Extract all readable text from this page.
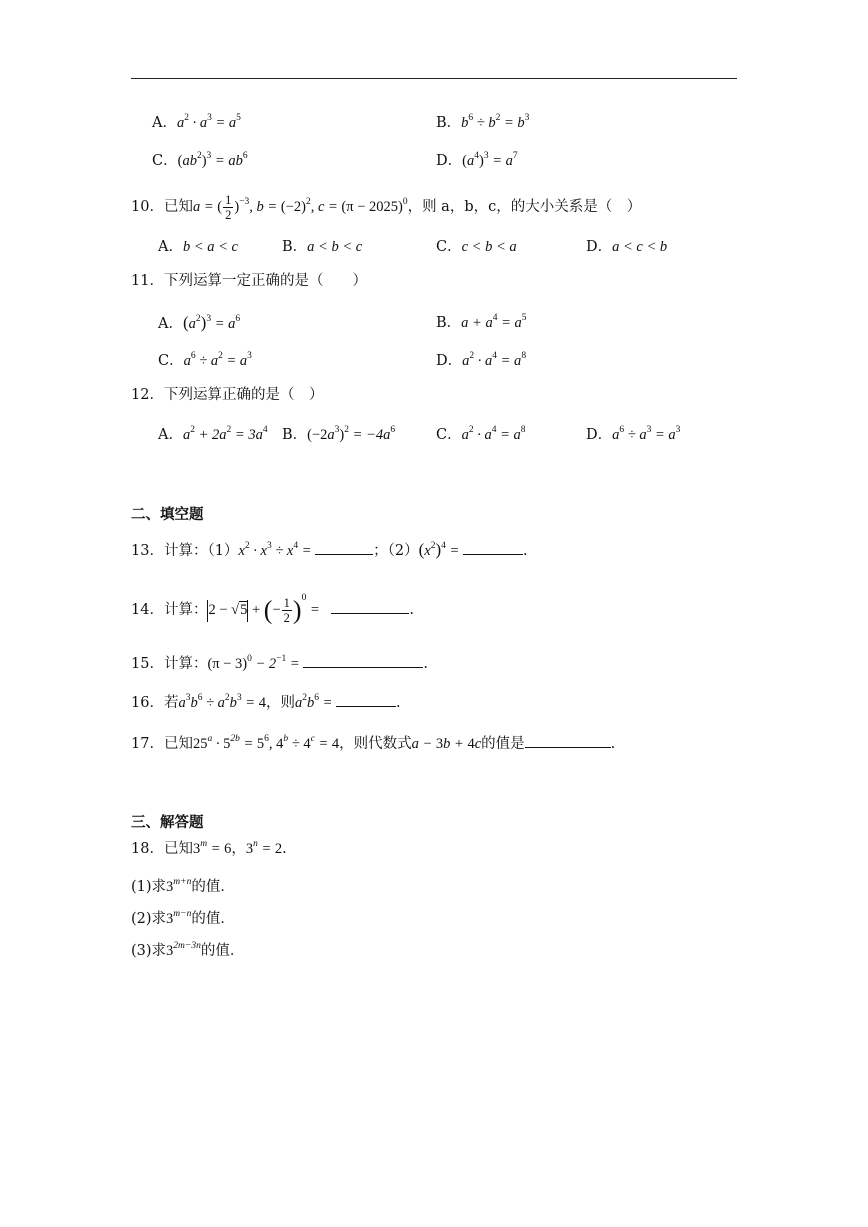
A．$a^2 \cdot a^3 = a^5$	B．$b^6 \div b^2 = b^3$
C．$(ab^2)^3 = ab^6$	D．$(a^4)^3 = a^7$
10．已知a = ( $\frac{1}{2} )^{-3}$, $b = (-2)^2$, $c = (\pi - 2025)^0$，则 a，b，c，的大小关系是（　）
A．b < a < c	B．a < b < c	C．c < b < a	D．a < c < b
11．下列运算一定正确的是（　　）
A．$(a^2)^3 = a^6$	B．$a + a^4 = a^5$
C．$a^6 \div a^2 = a^3$	D．$a^2 \cdot a^4 = a^8$
12．下列运算正确的是（　）
A．$a^2 + 2a^2 = 3a^4$ B．$(-2a^3)^2 = -4a^6$	C．$a^2 \cdot a^4 = a^8$	D．$a^6 \div a^3 = a^3$
二、填空题
13．计算：$(1)x^2 \cdot x^3 \div x^4$ =	；$(2)(x^2)^4$ =	.
14．计算：2 − √5 + (− $\frac{1}{2} )^0$ =	.
15．计算：$(\pi - 3)^0 - 2^{-1}$ =	.
16．若$a^3b^6 \div a^2b^3 = 4$，则$a^2b^6$ =	.
17．已知$25^a \cdot 5^{2b} = 5^6$, $4^b \div 4^c = 4$，则代数式a − 3b + 4c的值是	.
三、解答题
18．已知$3^m = 6$，$3^n = 2$.
(1)求$3^{m+n}$的值．
(2)求$3^{m-n}$的值．
(3)求$3^{2m-3n}$的值．
